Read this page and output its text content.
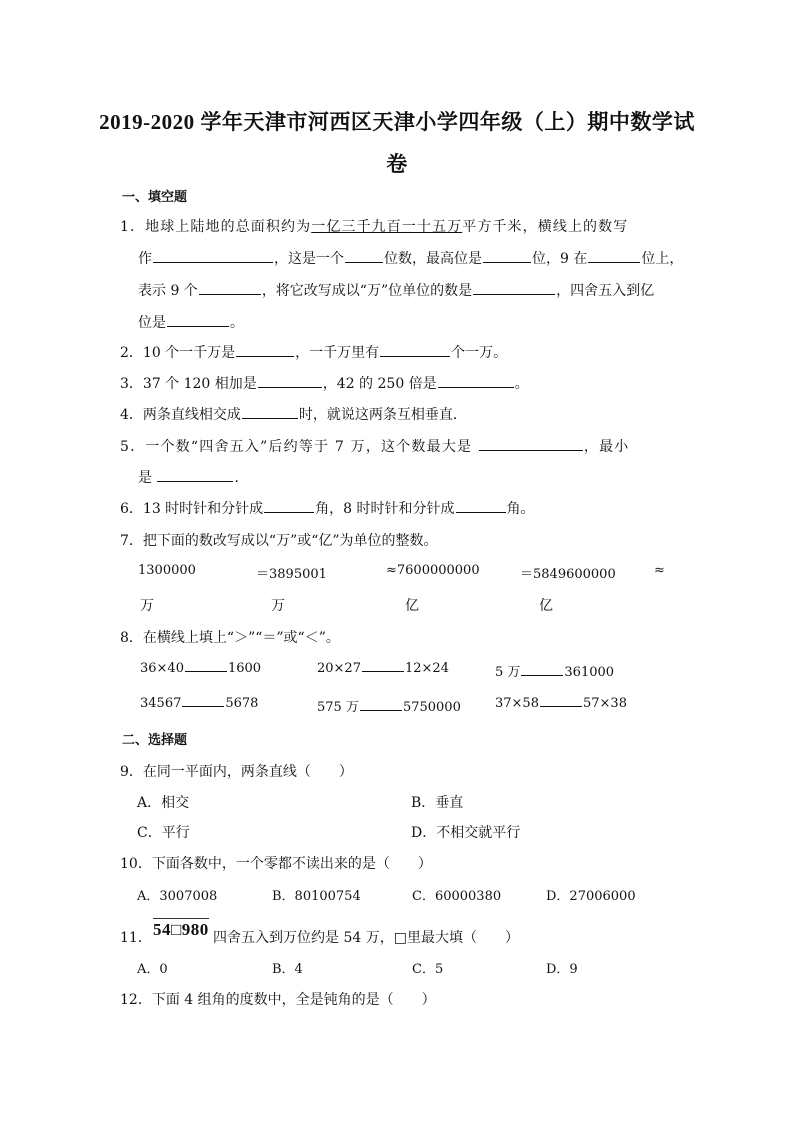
2019-2020 学年天津市河西区天津小学四年级（上）期中数学试
卷
一、填空题
1．地球上陆地的总面积约为一亿三千九百一十五万平方千米，横线上的数写
作	，这是一个	位数，最高位是	位，9 在	位上，
表示 9 个	，将它改写成以“万”位单位的数是	，四舍五入到亿
位是	。
2．10 个一千万是	，一千万里有	个一万。
3．37 个 120 相加是	，42 的 250 倍是	。
4．两条直线相交成	时，就说这两条互相垂直．
5．一个数“四舍五入”后约等于 7 万，这个数最大是	，最小
是	.
6．13 时时针和分针成	角，8 时时针和分针成	角。
7．把下面的数改写成以“万”或“亿”为单位的整数。
1300000	＝3895001	≈7600000000	＝5849600000	≈
万	万	亿	亿
8．在横线上填上“＞”“＝”或“＜”。
36×40	1600	20×27	12×24	5 万	361000
34567	5678	575 万	5750000	37×58	57×38
二、选择题
9．在同一平面内，两条直线（　　）
A．相交	B．垂直
C．平行	D．不相交就平行
10．下面各数中，一个零都不读出来的是（　　）
A．3007008	B．80100754	C．60000380	D．27006000
11． 54□980 四舍五入到万位约是 54 万，□里最大填（　　）
A．0	B．4	C．5	D．9
12．下面 4 组角的度数中，全是钝角的是（　　）
